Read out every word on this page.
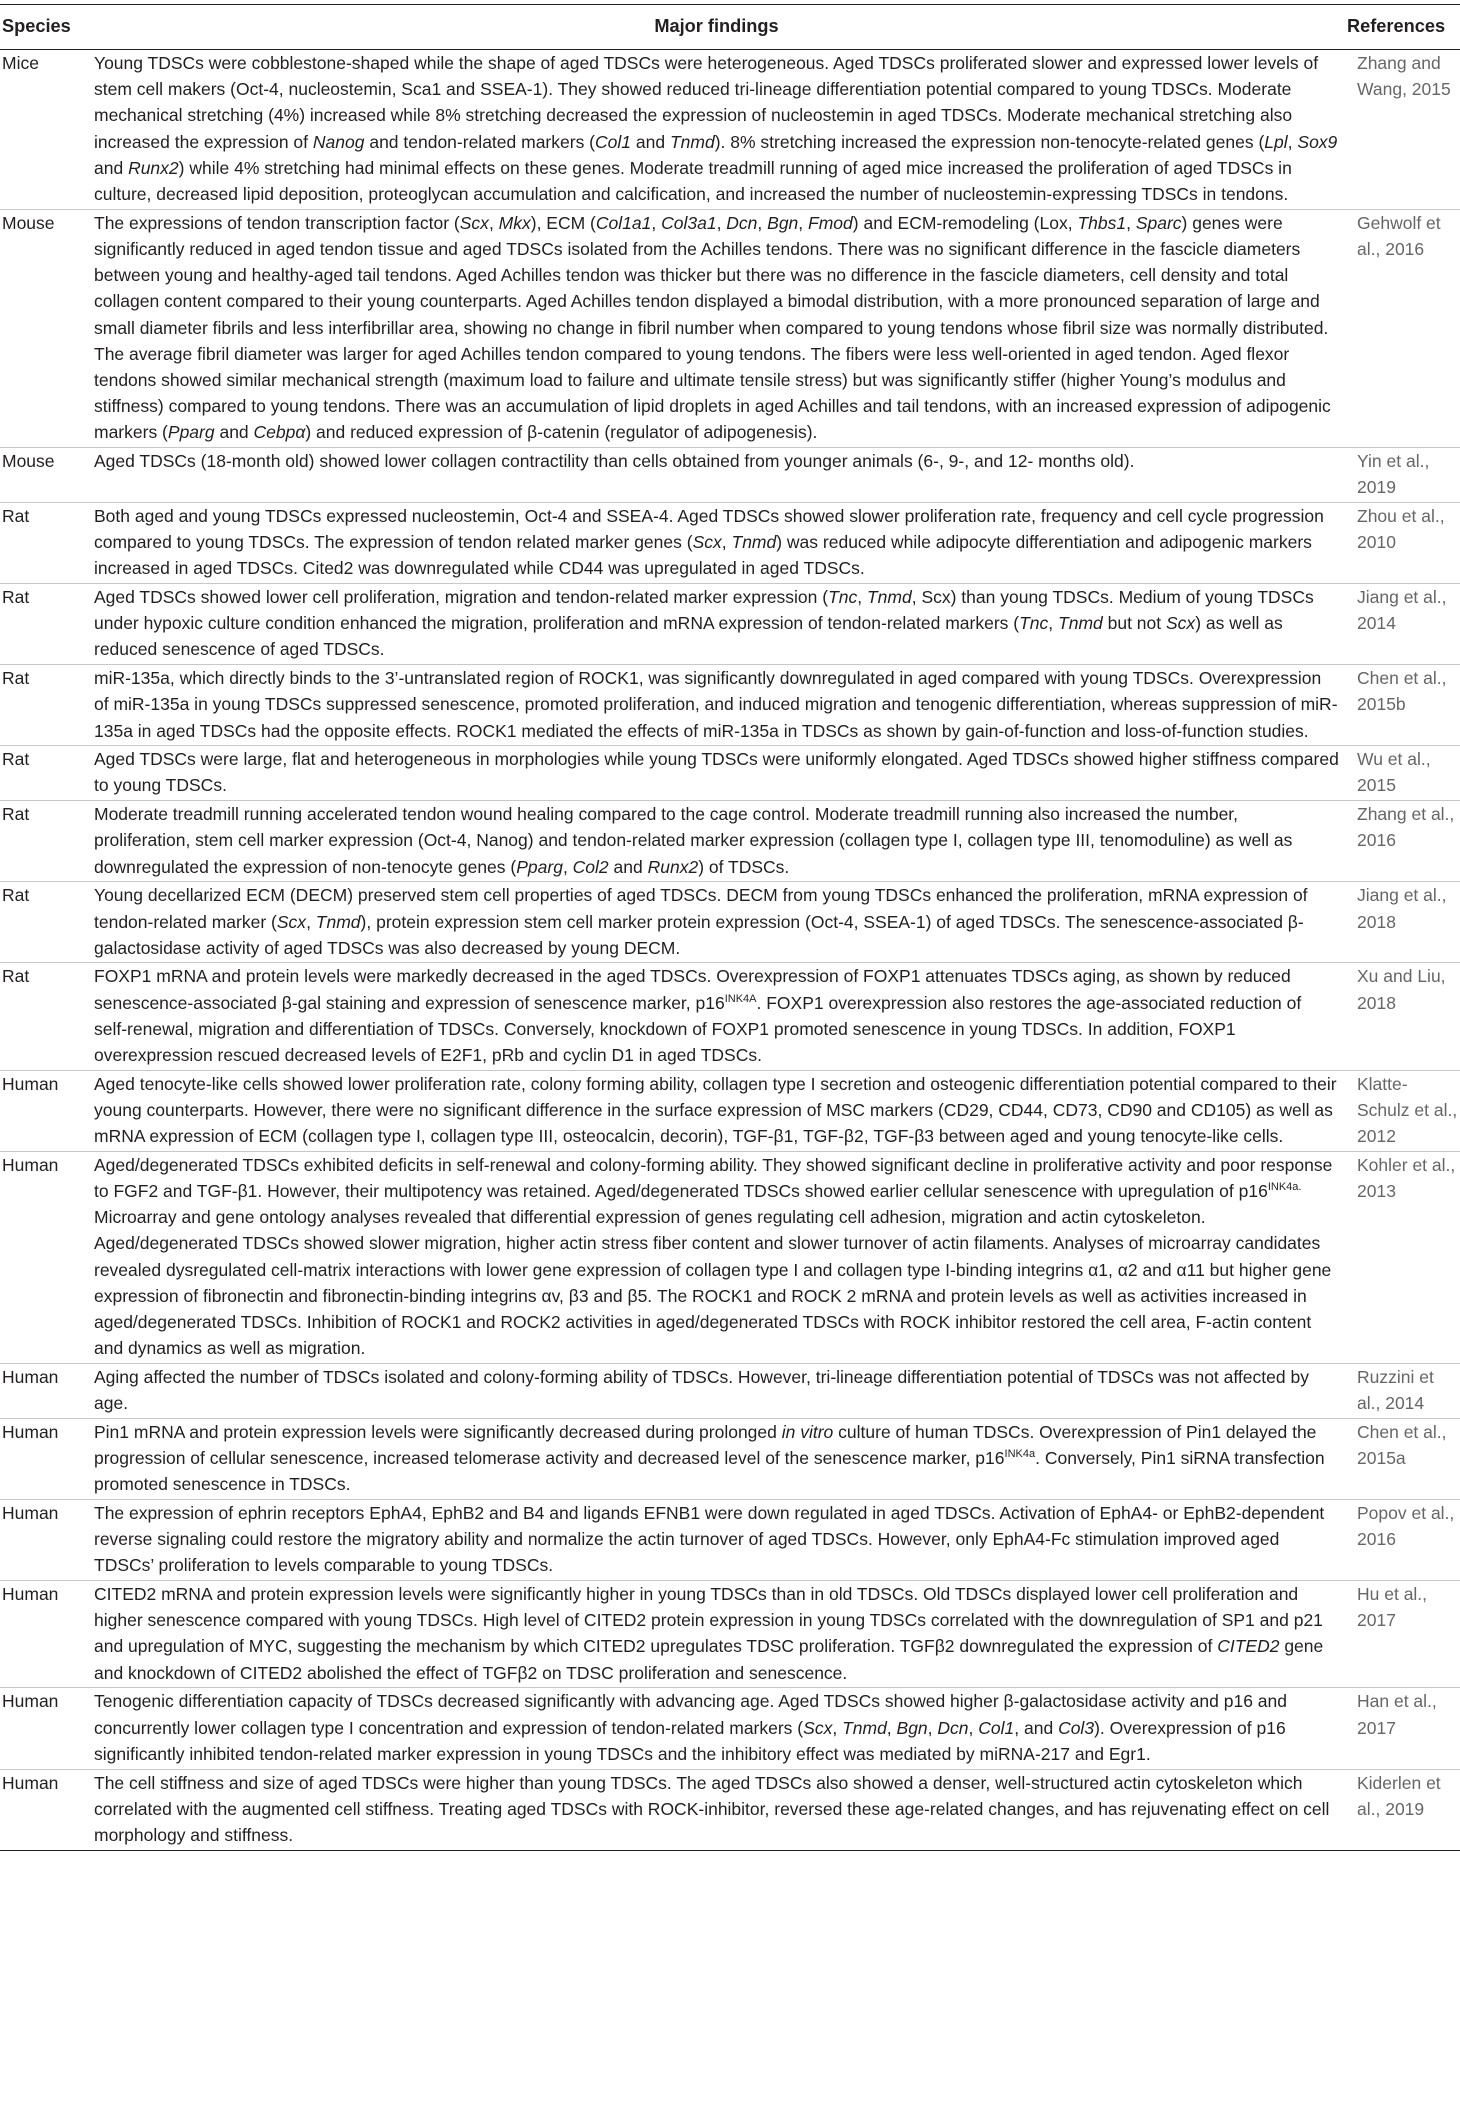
Species	Major findings	References
Mice	Young TDSCs were cobblestone-shaped while the shape of aged TDSCs were heterogeneous. Aged TDSCs proliferated slower and expressed lower levels of stem cell makers (Oct-4, nucleostemin, Sca1 and SSEA-1). They showed reduced tri-lineage differentiation potential compared to young TDSCs. Moderate mechanical stretching (4%) increased while 8% stretching decreased the expression of nucleostemin in aged TDSCs. Moderate mechanical stretching also increased the expression of Nanog and tendon-related markers (Col1 and Tnmd). 8% stretching increased the expression non-tenocyte-related genes (Lpl, Sox9 and Runx2) while 4% stretching had minimal effects on these genes. Moderate treadmill running of aged mice increased the proliferation of aged TDSCs in culture, decreased lipid deposition, proteoglycan accumulation and calcification, and increased the number of nucleostemin-expressing TDSCs in tendons.	Zhang and Wang, 2015
Mouse	The expressions of tendon transcription factor (Scx, Mkx), ECM (Col1a1, Col3a1, Dcn, Bgn, Fmod) and ECM-remodeling (Lox, Thbs1, Sparc) genes were significantly reduced in aged tendon tissue and aged TDSCs isolated from the Achilles tendons. There was no significant difference in the fascicle diameters between young and healthy-aged tail tendons. Aged Achilles tendon was thicker but there was no difference in the fascicle diameters, cell density and total collagen content compared to their young counterparts. Aged Achilles tendon displayed a bimodal distribution, with a more pronounced separation of large and small diameter fibrils and less interfibrillar area, showing no change in fibril number when compared to young tendons whose fibril size was normally distributed. The average fibril diameter was larger for aged Achilles tendon compared to young tendons. The fibers were less well-oriented in aged tendon. Aged flexor tendons showed similar mechanical strength (maximum load to failure and ultimate tensile stress) but was significantly stiffer (higher Young’s modulus and stiffness) compared to young tendons. There was an accumulation of lipid droplets in aged Achilles and tail tendons, with an increased expression of adipogenic markers (Pparg and Cebpα) and reduced expression of β-catenin (regulator of adipogenesis).	Gehwolf et al., 2016
Mouse	Aged TDSCs (18-month old) showed lower collagen contractility than cells obtained from younger animals (6-, 9-, and 12- months old).	Yin et al., 2019
Rat	Both aged and young TDSCs expressed nucleostemin, Oct-4 and SSEA-4. Aged TDSCs showed slower proliferation rate, frequency and cell cycle progression compared to young TDSCs. The expression of tendon related marker genes (Scx, Tnmd) was reduced while adipocyte differentiation and adipogenic markers increased in aged TDSCs. Cited2 was downregulated while CD44 was upregulated in aged TDSCs.	Zhou et al., 2010
Rat	Aged TDSCs showed lower cell proliferation, migration and tendon-related marker expression (Tnc, Tnmd, Scx) than young TDSCs. Medium of young TDSCs under hypoxic culture condition enhanced the migration, proliferation and mRNA expression of tendon-related markers (Tnc, Tnmd but not Scx) as well as reduced senescence of aged TDSCs.	Jiang et al., 2014
Rat	miR-135a, which directly binds to the 3’-untranslated region of ROCK1, was significantly downregulated in aged compared with young TDSCs. Overexpression of miR-135a in young TDSCs suppressed senescence, promoted proliferation, and induced migration and tenogenic differentiation, whereas suppression of miR-135a in aged TDSCs had the opposite effects. ROCK1 mediated the effects of miR-135a in TDSCs as shown by gain-of-function and loss-of-function studies.	Chen et al., 2015b
Rat	Aged TDSCs were large, flat and heterogeneous in morphologies while young TDSCs were uniformly elongated. Aged TDSCs showed higher stiffness compared to young TDSCs.	Wu et al., 2015
Rat	Moderate treadmill running accelerated tendon wound healing compared to the cage control. Moderate treadmill running also increased the number, proliferation, stem cell marker expression (Oct-4, Nanog) and tendon-related marker expression (collagen type I, collagen type III, tenomoduline) as well as downregulated the expression of non-tenocyte genes (Pparg, Col2 and Runx2) of TDSCs.	Zhang et al., 2016
Rat	Young decellarized ECM (DECM) preserved stem cell properties of aged TDSCs. DECM from young TDSCs enhanced the proliferation, mRNA expression of tendon-related marker (Scx, Tnmd), protein expression stem cell marker protein expression (Oct-4, SSEA-1) of aged TDSCs. The senescence-associated β-galactosidase activity of aged TDSCs was also decreased by young DECM.	Jiang et al., 2018
Rat	FOXP1 mRNA and protein levels were markedly decreased in the aged TDSCs. Overexpression of FOXP1 attenuates TDSCs aging, as shown by reduced senescence-associated β-gal staining and expression of senescence marker, $p16^{INK4A}$. FOXP1 overexpression also restores the age-associated reduction of self-renewal, migration and differentiation of TDSCs. Conversely, knockdown of FOXP1 promoted senescence in young TDSCs. In addition, FOXP1 overexpression rescued decreased levels of E2F1, pRb and cyclin D1 in aged TDSCs.	Xu and Liu, 2018
Human	Aged tenocyte-like cells showed lower proliferation rate, colony forming ability, collagen type I secretion and osteogenic differentiation potential compared to their young counterparts. However, there were no significant difference in the surface expression of MSC markers (CD29, CD44, CD73, CD90 and CD105) as well as mRNA expression of ECM (collagen type I, collagen type III, osteocalcin, decorin), TGF-β1, TGF-β2, TGF-β3 between aged and young tenocyte-like cells.	Klatte-Schulz et al., 2012
Human	Aged/degenerated TDSCs exhibited deficits in self-renewal and colony-forming ability. They showed significant decline in proliferative activity and poor response to FGF2 and TGF-β1. However, their multipotency was retained. Aged/degenerated TDSCs showed earlier cellular senescence with upregulation of $p16^{INK4a.}$ Microarray and gene ontology analyses revealed that differential expression of genes regulating cell adhesion, migration and actin cytoskeleton. Aged/degenerated TDSCs showed slower migration, higher actin stress fiber content and slower turnover of actin filaments. Analyses of microarray candidates revealed dysregulated cell-matrix interactions with lower gene expression of collagen type I and collagen type I-binding integrins α1, α2 and α11 but higher gene expression of fibronectin and fibronectin-binding integrins αv, β3 and β5. The ROCK1 and ROCK 2 mRNA and protein levels as well as activities increased in aged/degenerated TDSCs. Inhibition of ROCK1 and ROCK2 activities in aged/degenerated TDSCs with ROCK inhibitor restored the cell area, F-actin content and dynamics as well as migration.	Kohler et al., 2013
Human	Aging affected the number of TDSCs isolated and colony-forming ability of TDSCs. However, tri-lineage differentiation potential of TDSCs was not affected by age.	Ruzzini et al., 2014
Human	Pin1 mRNA and protein expression levels were significantly decreased during prolonged in vitro culture of human TDSCs. Overexpression of Pin1 delayed the progression of cellular senescence, increased telomerase activity and decreased level of the senescence marker, $p16^{INK4a}$. Conversely, Pin1 siRNA transfection promoted senescence in TDSCs.	Chen et al., 2015a
Human	The expression of ephrin receptors EphA4, EphB2 and B4 and ligands EFNB1 were down regulated in aged TDSCs. Activation of EphA4- or EphB2-dependent reverse signaling could restore the migratory ability and normalize the actin turnover of aged TDSCs. However, only EphA4-Fc stimulation improved aged TDSCs’ proliferation to levels comparable to young TDSCs.	Popov et al., 2016
Human	CITED2 mRNA and protein expression levels were significantly higher in young TDSCs than in old TDSCs. Old TDSCs displayed lower cell proliferation and higher senescence compared with young TDSCs. High level of CITED2 protein expression in young TDSCs correlated with the downregulation of SP1 and p21 and upregulation of MYC, suggesting the mechanism by which CITED2 upregulates TDSC proliferation. TGFβ2 downregulated the expression of CITED2 gene and knockdown of CITED2 abolished the effect of TGFβ2 on TDSC proliferation and senescence.	Hu et al., 2017
Human	Tenogenic differentiation capacity of TDSCs decreased significantly with advancing age. Aged TDSCs showed higher β-galactosidase activity and p16 and concurrently lower collagen type I concentration and expression of tendon-related markers (Scx, Tnmd, Bgn, Dcn, Col1, and Col3). Overexpression of p16 significantly inhibited tendon-related marker expression in young TDSCs and the inhibitory effect was mediated by miRNA-217 and Egr1.	Han et al., 2017
Human	The cell stiffness and size of aged TDSCs were higher than young TDSCs. The aged TDSCs also showed a denser, well-structured actin cytoskeleton which correlated with the augmented cell stiffness. Treating aged TDSCs with ROCK-inhibitor, reversed these age-related changes, and has rejuvenating effect on cell morphology and stiffness.	Kiderlen et al., 2019
